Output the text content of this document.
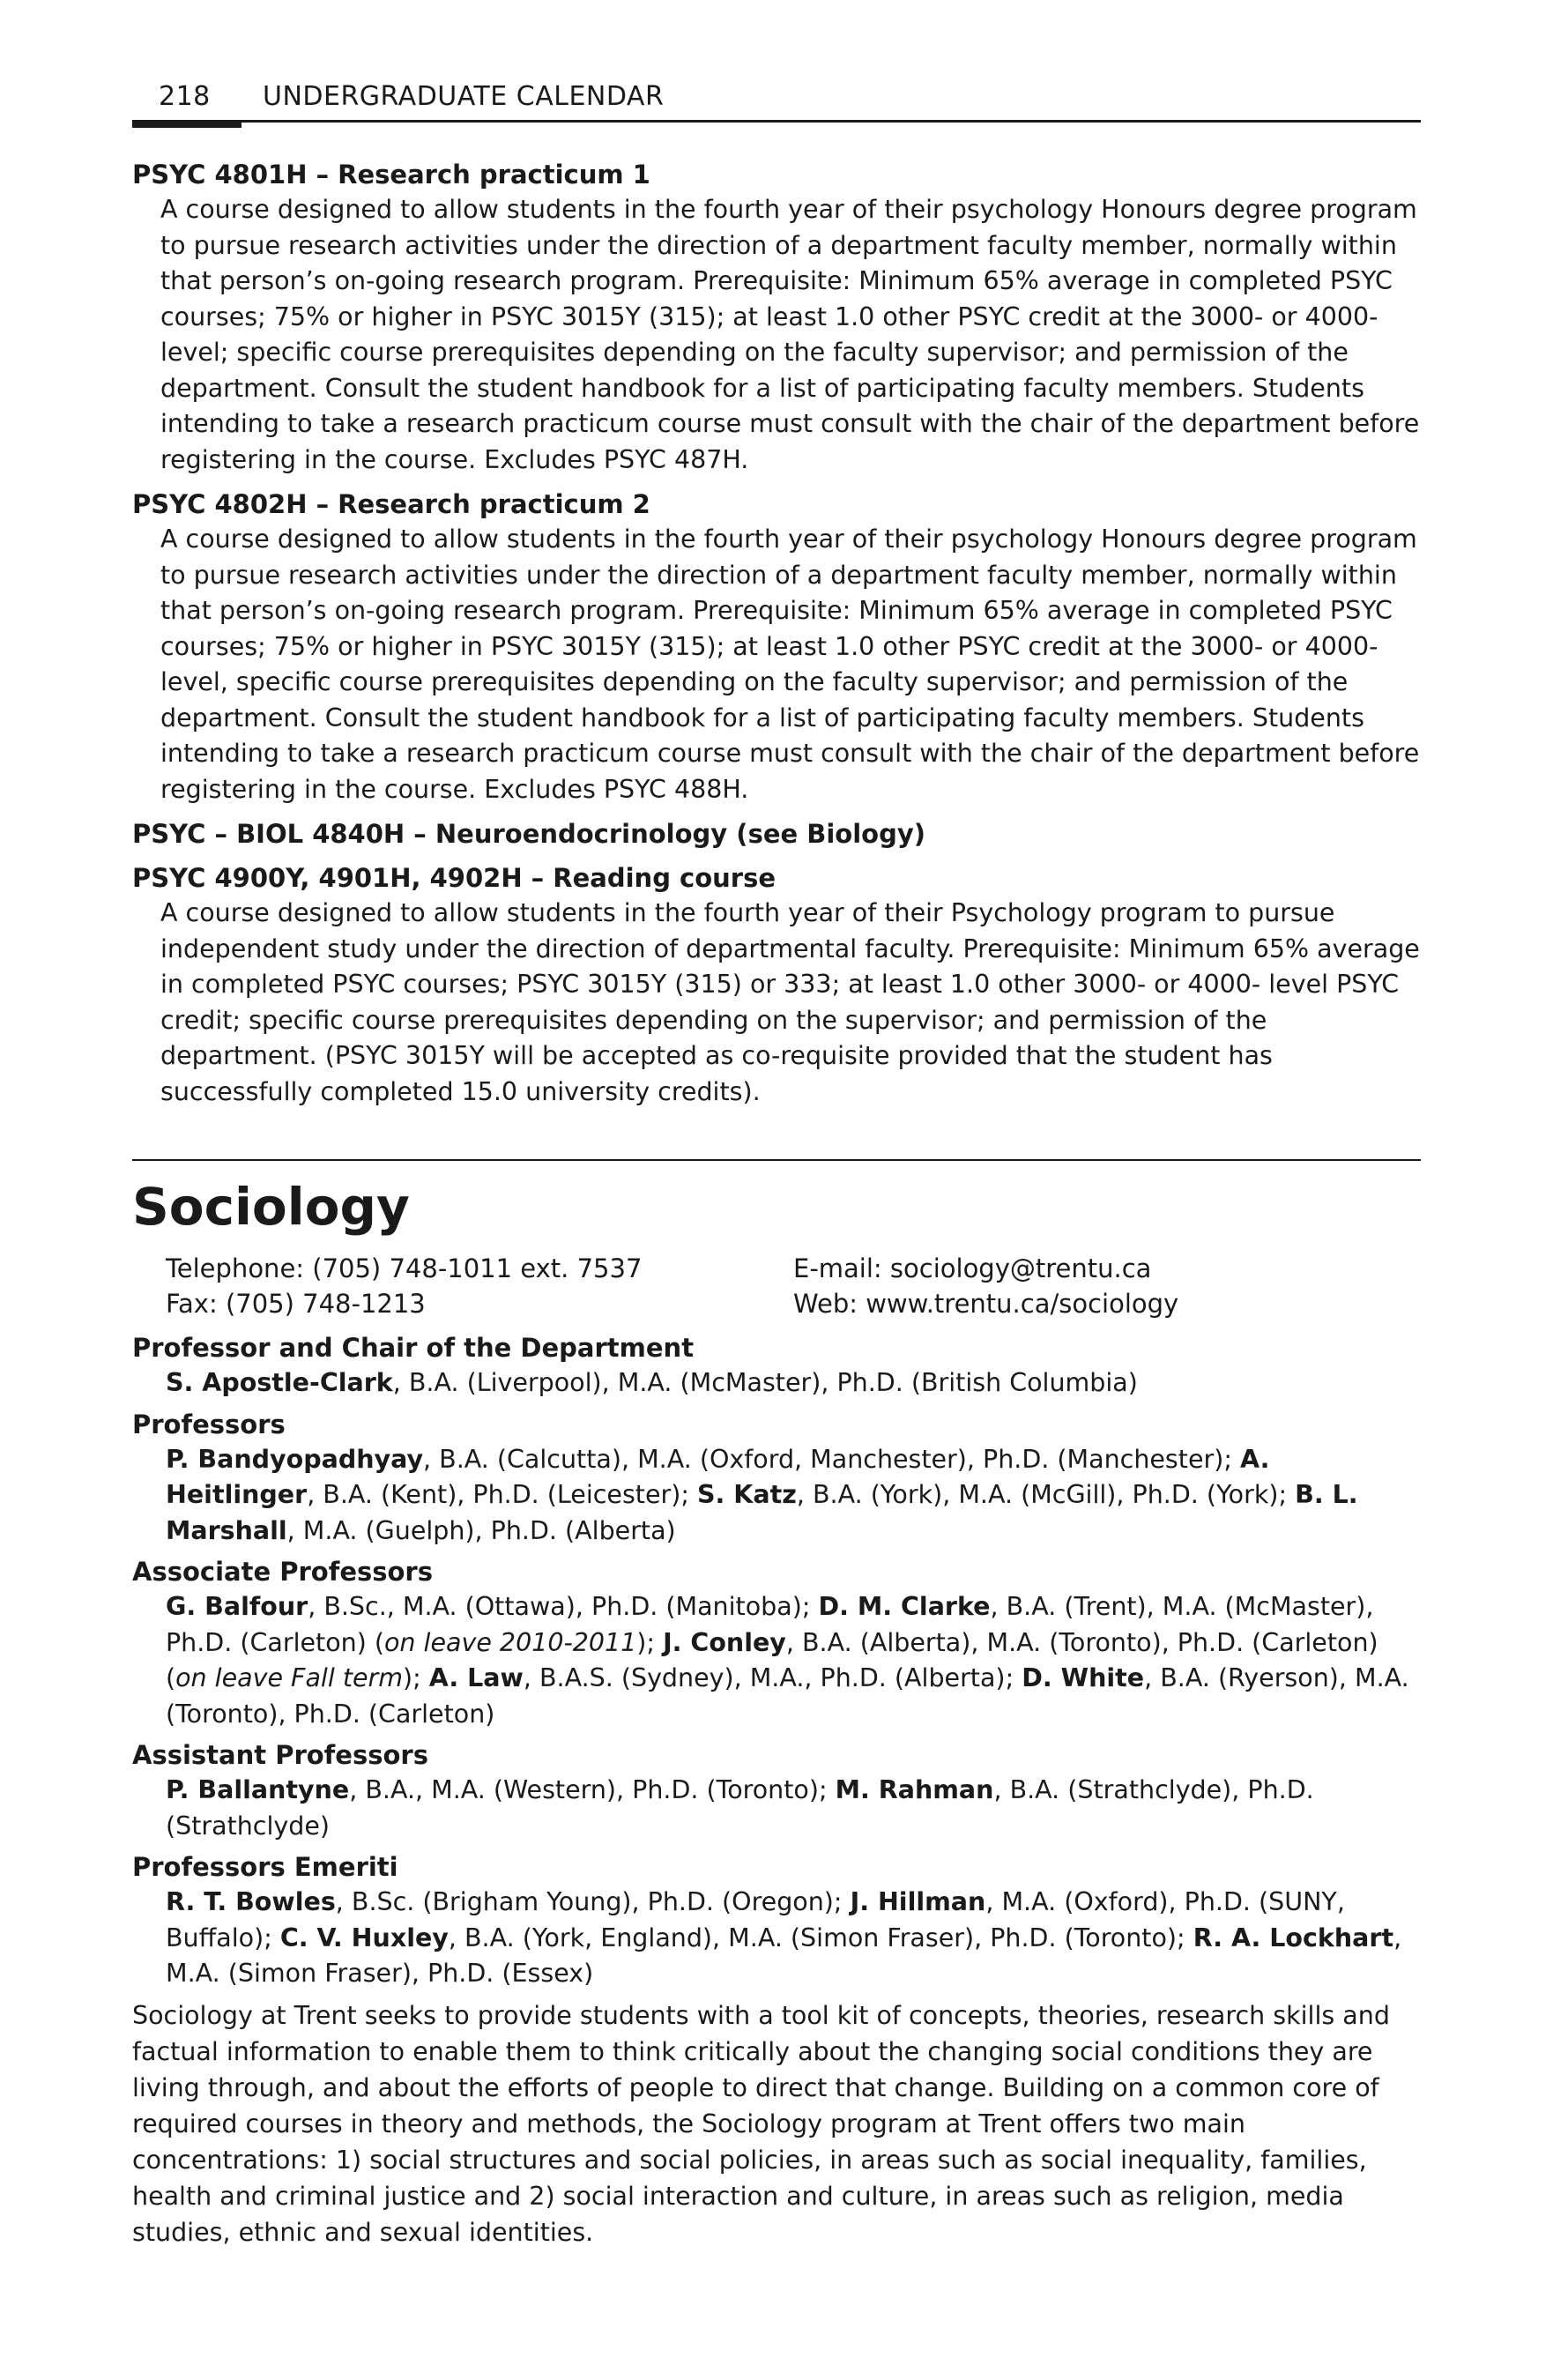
218 UNDERGRADUATE CALENDAR

PSYC 4801H – Research practicum 1

A course designed to allow students in the fourth year of their psychology Honours degree program to pursue research activities under the direction of a department faculty member, normally within that person’s on-going research program. Prerequisite: Minimum 65% average in completed PSYC courses; 75% or higher in PSYC 3015Y (315); at least 1.0 other PSYC credit at the 3000- or 4000-level; specific course prerequisites depending on the faculty supervisor; and permission of the department. Consult the student handbook for a list of participating faculty members. Students intending to take a research practicum course must consult with the chair of the department before registering in the course. Excludes PSYC 487H.

PSYC 4802H – Research practicum 2

A course designed to allow students in the fourth year of their psychology Honours degree program to pursue research activities under the direction of a department faculty member, normally within that person’s on-going research program. Prerequisite: Minimum 65% average in completed PSYC courses; 75% or higher in PSYC 3015Y (315); at least 1.0 other PSYC credit at the 3000- or 4000-level, specific course prerequisites depending on the faculty supervisor; and permission of the department. Consult the student handbook for a list of participating faculty members. Students intending to take a research practicum course must consult with the chair of the department before registering in the course. Excludes PSYC 488H.

PSYC – BIOL 4840H – Neuroendocrinology (see Biology)

PSYC 4900Y, 4901H, 4902H – Reading course

A course designed to allow students in the fourth year of their Psychology program to pursue independent study under the direction of departmental faculty. Prerequisite: Minimum 65% average in completed PSYC courses; PSYC 3015Y (315) or 333; at least 1.0 other 3000- or 4000- level PSYC credit; specific course prerequisites depending on the supervisor; and permission of the department. (PSYC 3015Y will be accepted as co-requisite provided that the student has successfully completed 15.0 university credits).

Sociology
Telephone: (705) 748-1011 ext. 7537
Fax: (705) 748-1213
E-mail: sociology@trentu.ca
Web: www.trentu.ca/sociology

Professor and Chair of the Department

S. Apostle-Clark, B.A. (Liverpool), M.A. (McMaster), Ph.D. (British Columbia)

Professors

P. Bandyopadhyay, B.A. (Calcutta), M.A. (Oxford, Manchester), Ph.D. (Manchester); A. Heitlinger, B.A. (Kent), Ph.D. (Leicester); S. Katz, B.A. (York), M.A. (McGill), Ph.D. (York); B. L. Marshall, M.A. (Guelph), Ph.D. (Alberta)

Associate Professors

G. Balfour, B.Sc., M.A. (Ottawa), Ph.D. (Manitoba); D. M. Clarke, B.A. (Trent), M.A. (McMaster), Ph.D. (Carleton) (on leave 2010-2011); J. Conley, B.A. (Alberta), M.A. (Toronto), Ph.D. (Carleton) (on leave Fall term); A. Law, B.A.S. (Sydney), M.A., Ph.D. (Alberta); D. White, B.A. (Ryerson), M.A. (Toronto), Ph.D. (Carleton)

Assistant Professors

P. Ballantyne, B.A., M.A. (Western), Ph.D. (Toronto); M. Rahman, B.A. (Strathclyde), Ph.D. (Strathclyde)

Professors Emeriti

R. T. Bowles, B.Sc. (Brigham Young), Ph.D. (Oregon); J. Hillman, M.A. (Oxford), Ph.D. (SUNY, Buffalo); C. V. Huxley, B.A. (York, England), M.A. (Simon Fraser), Ph.D. (Toronto); R. A. Lockhart, M.A. (Simon Fraser), Ph.D. (Essex)

Sociology at Trent seeks to provide students with a tool kit of concepts, theories, research skills and factual information to enable them to think critically about the changing social conditions they are living through, and about the efforts of people to direct that change. Building on a common core of required courses in theory and methods, the Sociology program at Trent offers two main concentrations: 1) social structures and social policies, in areas such as social inequality, families, health and criminal justice and 2) social interaction and culture, in areas such as religion, media studies, ethnic and sexual identities.
